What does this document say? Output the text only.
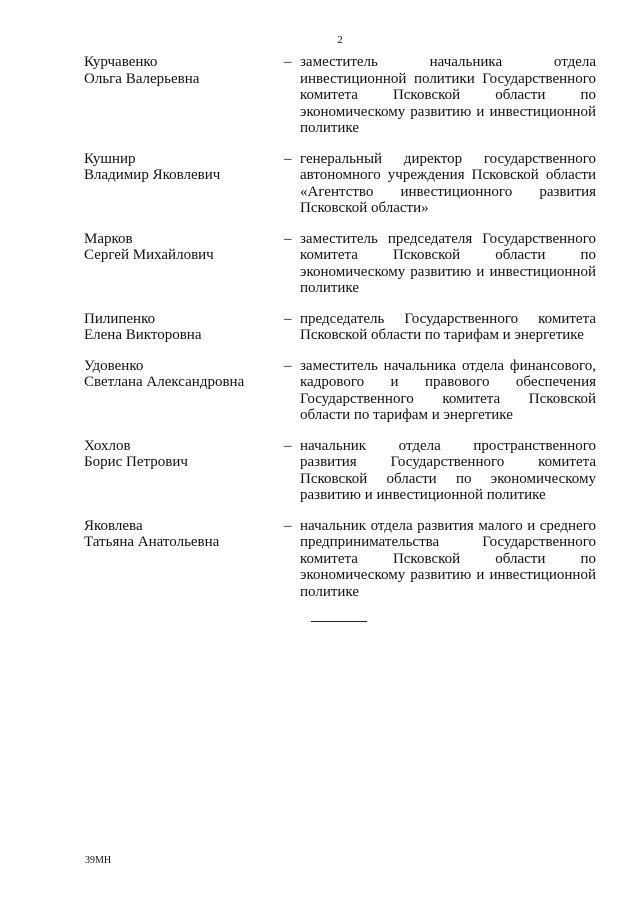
2
Курчавенко
Ольга Валерьевна
– заместитель начальника отдела инвестиционной политики Государственного комитета Псковской области по экономическому развитию и инвестиционной политике
Кушнир
Владимир Яковлевич
– генеральный директор государственного автономного учреждения Псковской области «Агентство инвестиционного развития Псковской области»
Марков
Сергей Михайлович
– заместитель председателя Государственного комитета Псковской области по экономическому развитию и инвестиционной политике
Пилипенко
Елена Викторовна
– председатель Государственного комитета Псковской области по тарифам и энергетике
Удовенко
Светлана Александровна
– заместитель начальника отдела финансового, кадрового и правового обеспечения Государственного комитета Псковской области по тарифам и энергетике
Хохлов
Борис Петрович
– начальник отдела пространственного развития Государственного комитета Псковской области по экономическому развитию и инвестиционной политике
Яковлева
Татьяна Анатольевна
– начальник отдела развития малого и среднего предпринимательства Государственного комитета Псковской области по экономическому развитию и инвестиционной политике
39МН
